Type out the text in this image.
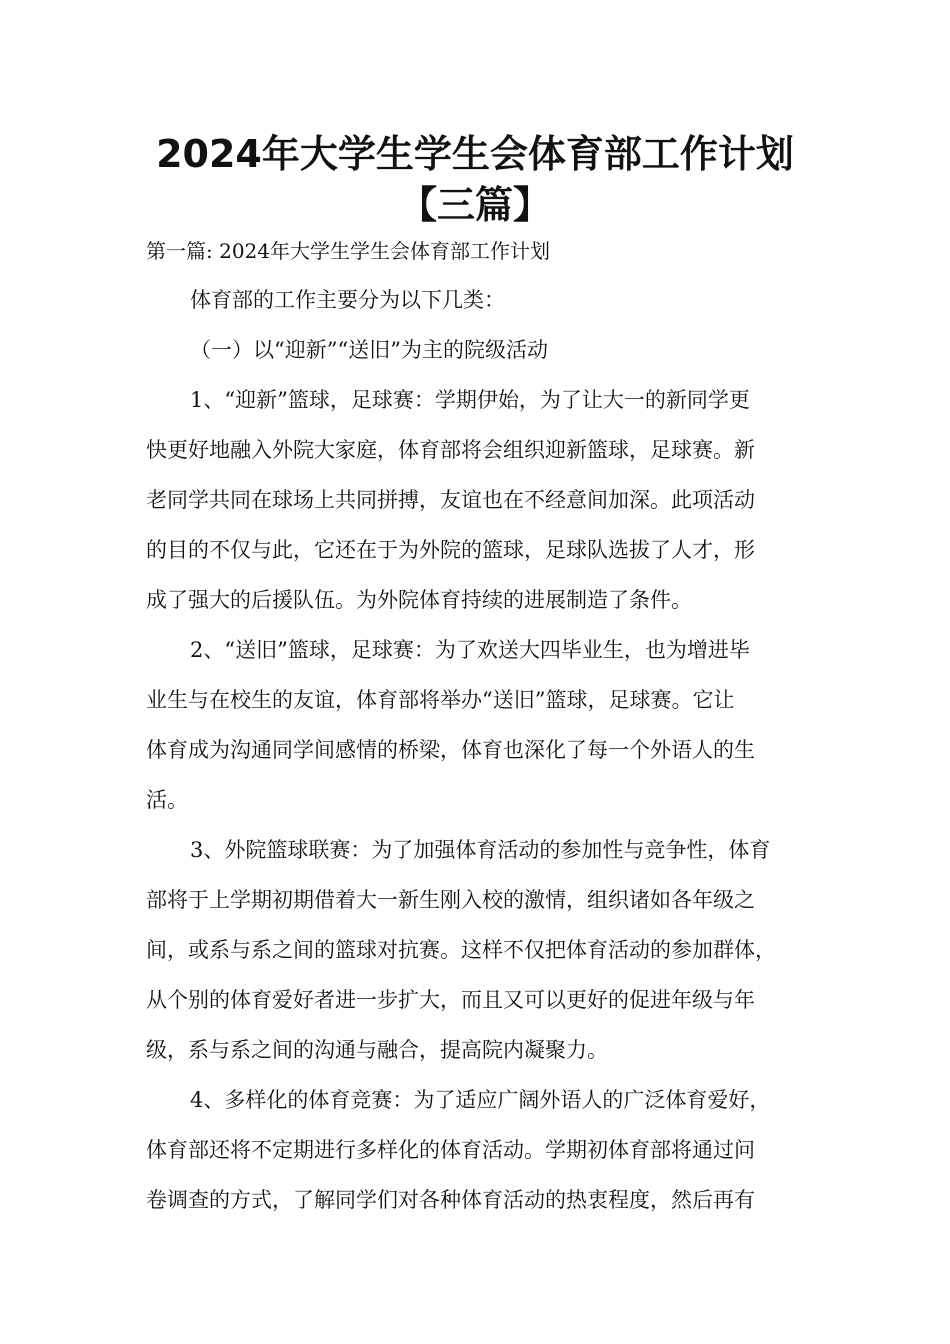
2024年大学生学生会体育部工作计划
【三篇】
第一篇: 2024年大学生学生会体育部工作计划
体育部的工作主要分为以下几类：
（一）以“迎新”“送旧”为主的院级活动
1、“迎新”篮球，足球赛：学期伊始，为了让大一的新同学更
快更好地融入外院大家庭，体育部将会组织迎新篮球，足球赛。新
老同学共同在球场上共同拼搏，友谊也在不经意间加深。此项活动
的目的不仅与此，它还在于为外院的篮球，足球队选拔了人才，形
成了强大的后援队伍。为外院体育持续的进展制造了条件。
2、“送旧”篮球，足球赛：为了欢送大四毕业生，也为增进毕
业生与在校生的友谊，体育部将举办“送旧”篮球，足球赛。它让
体育成为沟通同学间感情的桥梁，体育也深化了每一个外语人的生
活。
3、外院篮球联赛：为了加强体育活动的参加性与竞争性，体育
部将于上学期初期借着大一新生刚入校的激情，组织诸如各年级之
间，或系与系之间的篮球对抗赛。这样不仅把体育活动的参加群体，
从个别的体育爱好者进一步扩大，而且又可以更好的促进年级与年
级，系与系之间的沟通与融合，提高院内凝聚力。
4、多样化的体育竞赛：为了适应广阔外语人的广泛体育爱好，
体育部还将不定期进行多样化的体育活动。学期初体育部将通过问
卷调查的方式，了解同学们对各种体育活动的热衷程度，然后再有
